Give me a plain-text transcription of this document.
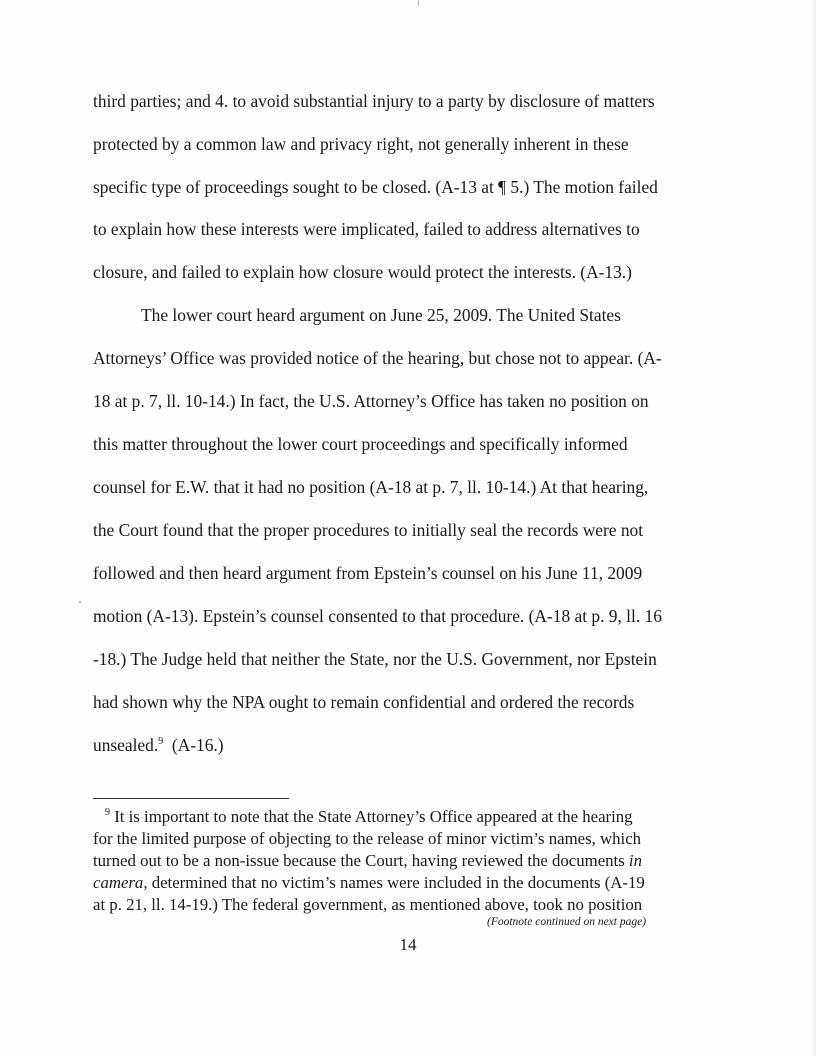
third parties; and 4. to avoid substantial injury to a party by disclosure of matters
protected by a common law and privacy right, not generally inherent in these
specific type of proceedings sought to be closed. (A-13 at ¶ 5.) The motion failed
to explain how these interests were implicated, failed to address alternatives to
closure, and failed to explain how closure would protect the interests. (A-13.)
The lower court heard argument on June 25, 2009. The United States
Attorneys’ Office was provided notice of the hearing, but chose not to appear. (A-
18 at p. 7, ll. 10-14.) In fact, the U.S. Attorney’s Office has taken no position on
this matter throughout the lower court proceedings and specifically informed
counsel for E.W. that it had no position (A-18 at p. 7, ll. 10-14.) At that hearing,
the Court found that the proper procedures to initially seal the records were not
followed and then heard argument from Epstein’s counsel on his June 11, 2009
motion (A-13). Epstein’s counsel consented to that procedure. (A-18 at p. 9, ll. 16
-18.) The Judge held that neither the State, nor the U.S. Government, nor Epstein
had shown why the NPA ought to remain confidential and ordered the records
unsealed.$^9$  (A-16.)
$^9$ It is important to note that the State Attorney’s Office appeared at the hearing
for the limited purpose of objecting to the release of minor victim’s names, which
turned out to be a non-issue because the Court, having reviewed the documents in
camera, determined that no victim’s names were included in the documents (A-19
at p. 21, ll. 14-19.) The federal government, as mentioned above, took no position
(Footnote continued on next page)
14
